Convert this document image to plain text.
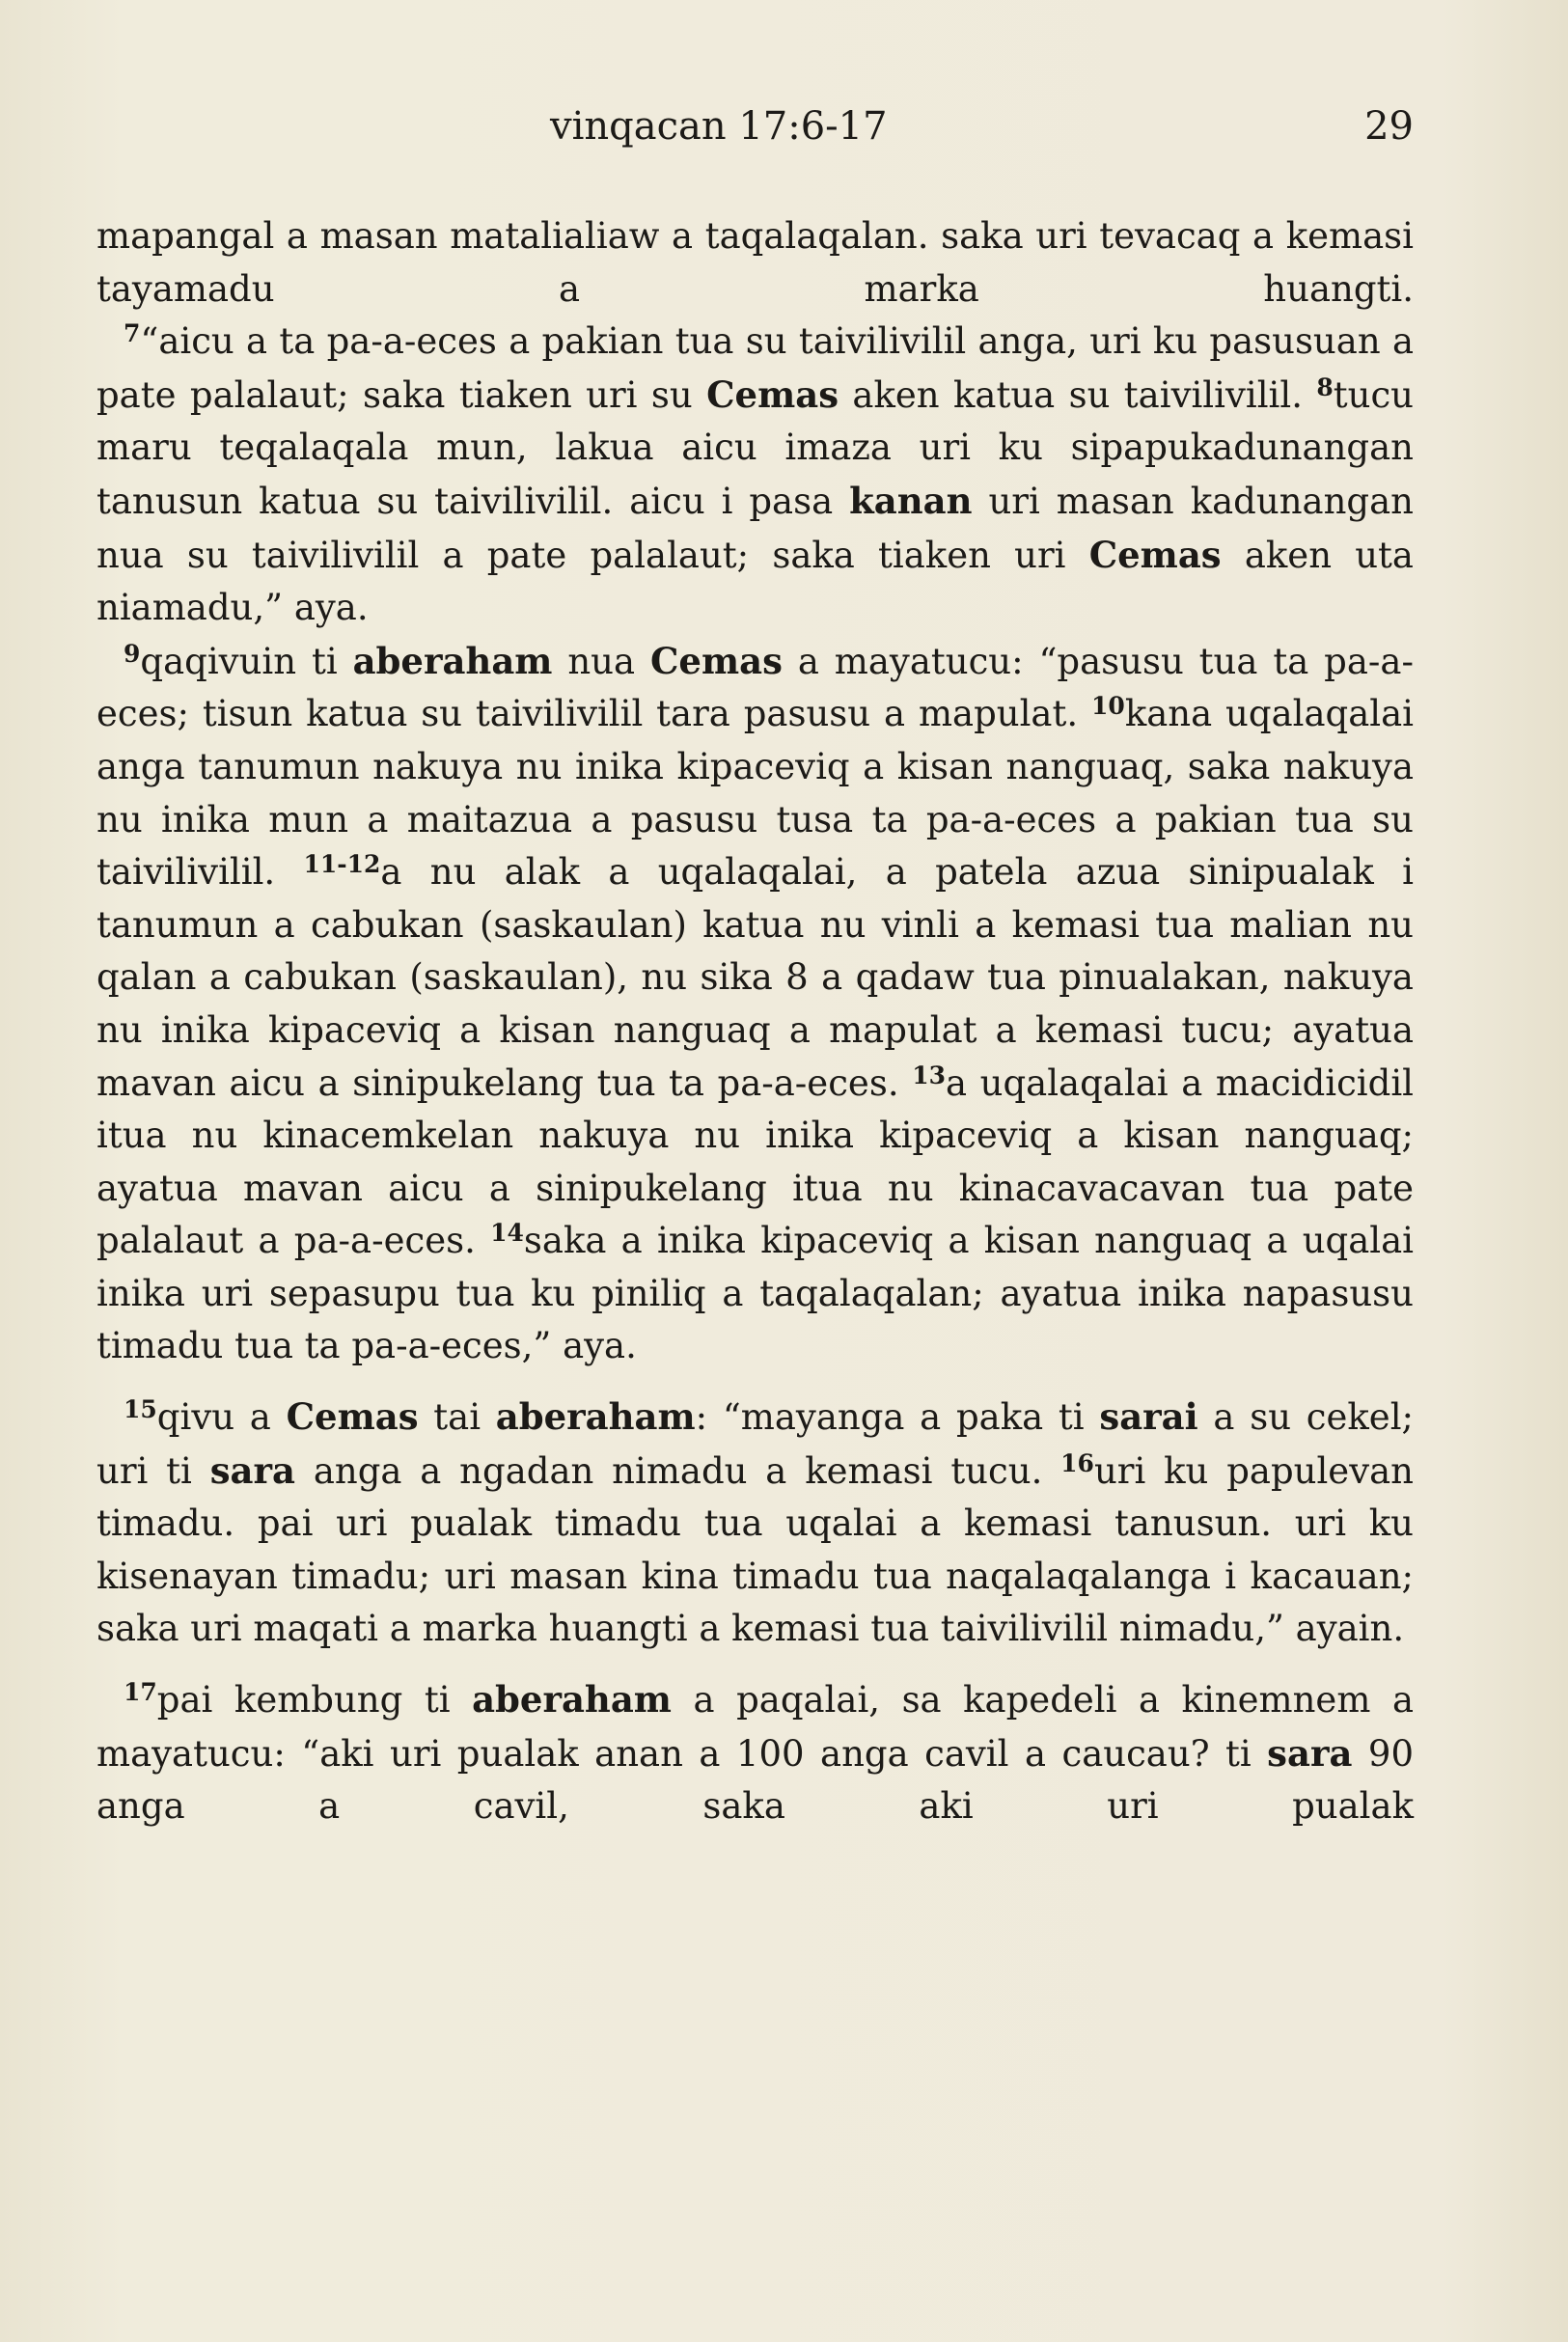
vinqacan 17:6-17	29

mapangal a masan matalialiaw a taqalaqalan. saka uri tevacaq a kemasi tayamadu a marka huangti.

$^7$“aicu a ta pa-a-eces a pakian tua su taivilivilil anga, uri ku pasusuan a pate palalaut; saka tiaken uri su Cemas aken katua su taivilivilil. $^8$tucu maru teqalaqala mun, lakua aicu imaza uri ku sipapukadunangan tanusun katua su taivilivilil. aicu i pasa kanan uri masan kadunangan nua su taivilivilil a pate palalaut; saka tiaken uri Cemas aken uta niamadu,” aya.

$^9$qaqivuin ti aberaham nua Cemas a mayatucu: “pasusu tua ta pa-a-eces; tisun katua su taivilivilil tara pasusu a mapulat. $^{10}$kana uqalaqalai anga tanumun nakuya nu inika kipaceviq a kisan nanguaq, saka nakuya nu inika mun a maitazua a pasusu tusa ta pa-a-eces a pakian tua su taivilivilil. $^{11-12}$a nu alak a uqalaqalai, a patela azua sinipualak i tanumun a cabukan (saskaulan) katua nu vinli a kemasi tua malian nu qalan a cabukan (saskaulan), nu sika 8 a qadaw tua pinualakan, nakuya nu inika kipaceviq a kisan nanguaq a mapulat a kemasi tucu; ayatua mavan aicu a sinipukelang tua ta pa-a-eces. $^{13}$a uqalaqalai a macidicidil itua nu kinacemkelan nakuya nu inika kipaceviq a kisan nanguaq; ayatua mavan aicu a sinipukelang itua nu kinacavacavan tua pate palalaut a pa-a-eces. $^{14}$saka a inika kipaceviq a kisan nanguaq a uqalai inika uri sepasupu tua ku piniliq a taqalaqalan; ayatua inika napasusu timadu tua ta pa-a-eces,” aya.

$^{15}$qivu a Cemas tai aberaham: “mayanga a paka ti sarai a su cekel; uri ti sara anga a ngadan nimadu a kemasi tucu. $^{16}$uri ku papulevan timadu. pai uri pualak timadu tua uqalai a kemasi tanusun. uri ku kisenayan timadu; uri masan kina timadu tua naqalaqalanga i kacauan; saka uri maqati a marka huangti a kemasi tua taivilivilil nimadu,” ayain.

$^{17}$pai kembung ti aberaham a paqalai, sa kapedeli a kinemnem a mayatucu: “aki uri pualak anan a 100 anga cavil a caucau? ti sara 90 anga a cavil, saka aki uri pualak
